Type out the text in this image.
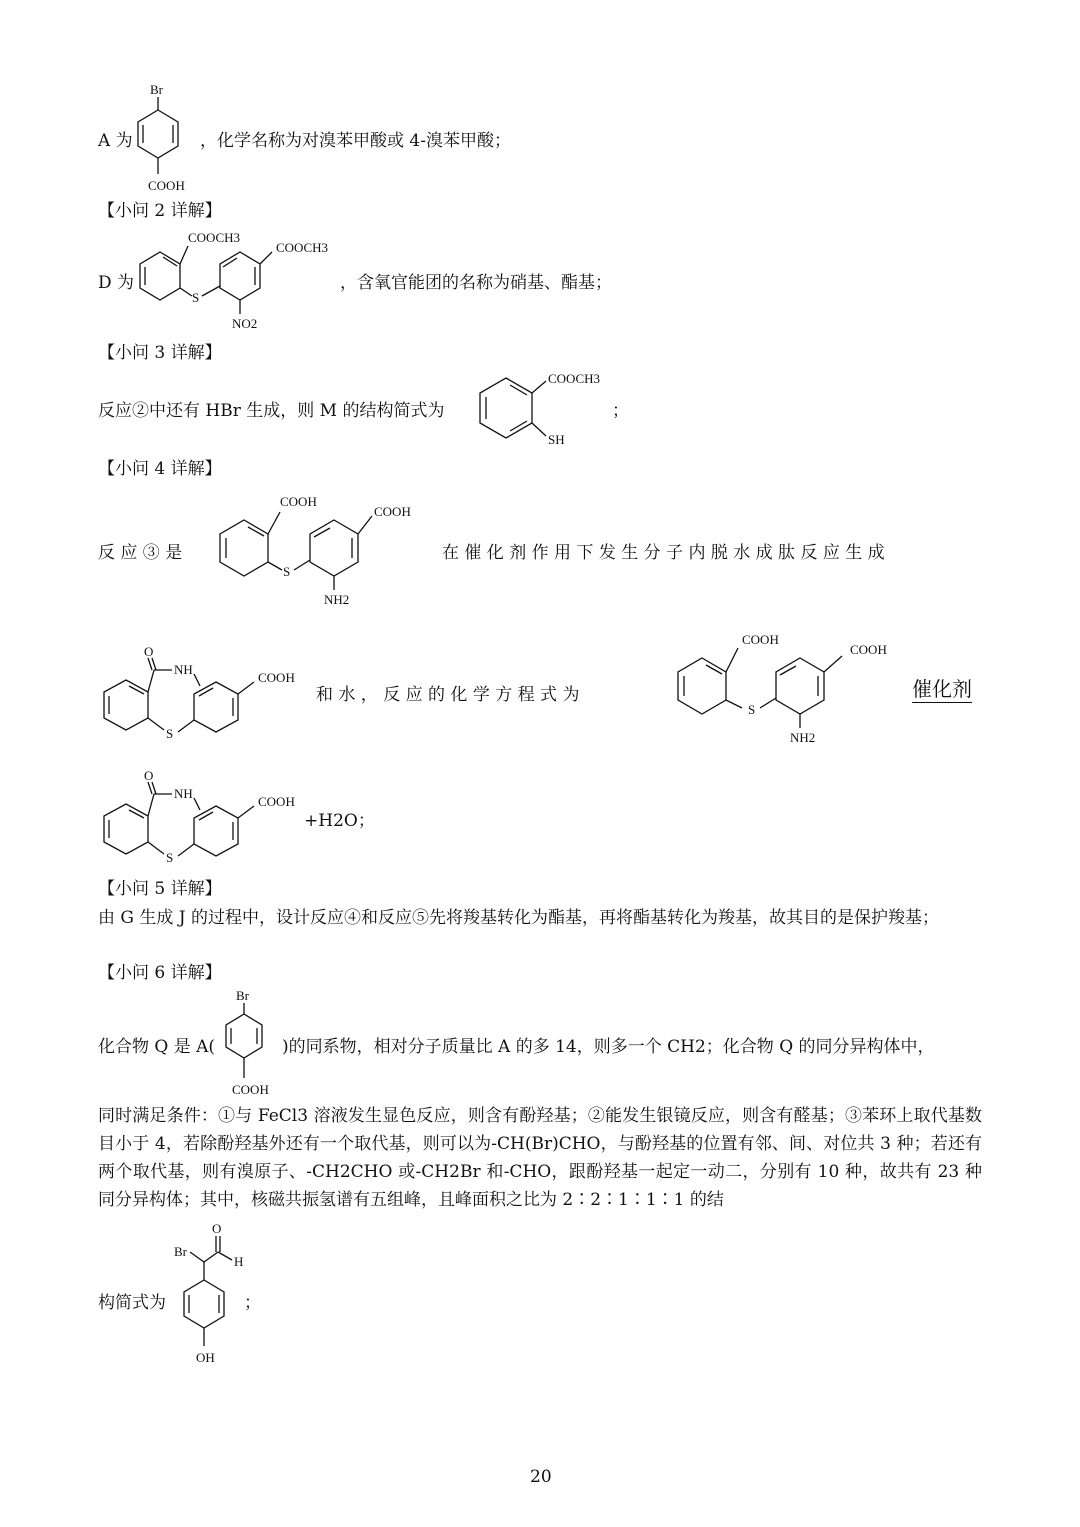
A 为
Br
COOH
，化学名称为对溴苯甲酸或 4-溴苯甲酸；
【小问 2 详解】
D 为
COOCH3
S
COOCH3
NO2
，含氧官能团的名称为硝基、酯基；
【小问 3 详解】
反应②中还有 HBr 生成，则 M 的结构简式为
COOCH3
SH
；
【小问 4 详解】
反 应 ③ 是
COOH
S
COOH
NH2
在 催 化 剂 作 用 下 发 生 分 子 内 脱 水 成 肽 反 应 生 成
O
NH
S
COOH
和 水 ， 反 应 的 化 学 方 程 式 为
COOH
S
COOH
NH2
催化剂
O
NH
S
COOH
+H2O；
【小问 5 详解】
由 G 生成 J 的过程中，设计反应④和反应⑤先将羧基转化为酯基，再将酯基转化为羧基，故其目的是保护羧基；
【小问 6 详解】
化合物 Q 是 A(
Br
COOH
)的同系物，相对分子质量比 A 的多 14，则多一个 CH2；化合物 Q 的同分异构体中，
同时满足条件：①与 FeCl3 溶液发生显色反应，则含有酚羟基；②能发生银镜反应，则含有醛基；③苯环上取代基数目小于 4，若除酚羟基外还有一个取代基，则可以为-CH(Br)CHO，与酚羟基的位置有邻、间、对位共 3 种；若还有两个取代基，则有溴原子、-CH2CHO 或-CH2Br 和-CHO，跟酚羟基一起定一动二，分别有 10 种，故共有 23 种同分异构体；其中，核磁共振氢谱有五组峰，且峰面积之比为 2∶2∶1∶1∶1 的结
构简式为
Br
O
H
OH
；
20
